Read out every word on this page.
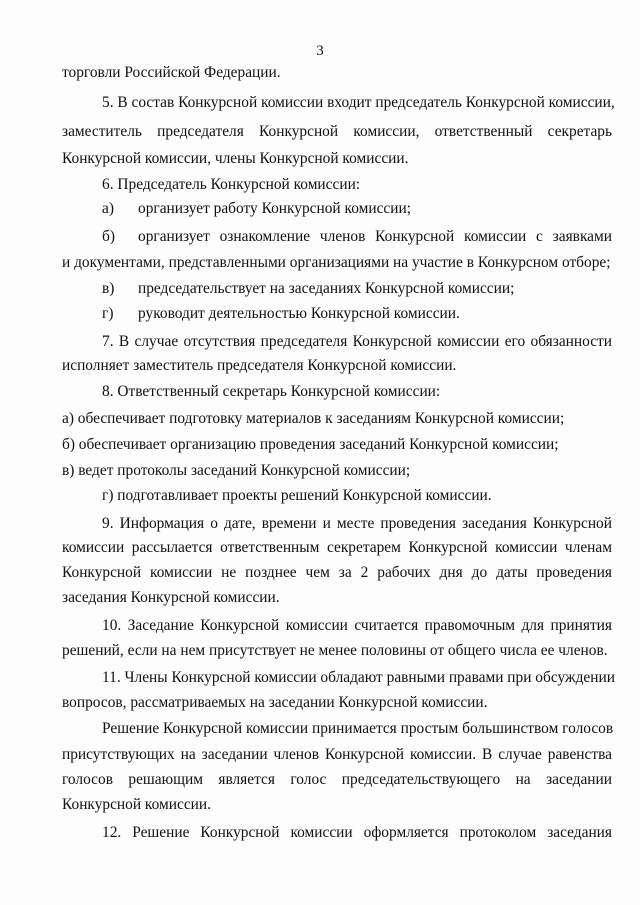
3
торговли Российской Федерации.
5. В состав Конкурсной комиссии входит председатель Конкурсной комиссии,
заместитель председателя Конкурсной комиссии, ответственный секретарь
Конкурсной комиссии, члены Конкурсной комиссии.
6. Председатель Конкурсной комиссии:
а) организует работу Конкурсной комиссии;
б) организует ознакомление членов Конкурсной комиссии с заявками
и документами, представленными организациями на участие в Конкурсном отборе;
в) председательствует на заседаниях Конкурсной комиссии;
г) руководит деятельностью Конкурсной комиссии.
7. В случае отсутствия председателя Конкурсной комиссии его обязанности
исполняет заместитель председателя Конкурсной комиссии.
8. Ответственный секретарь Конкурсной комиссии:
а) обеспечивает подготовку материалов к заседаниям Конкурсной комиссии;
б) обеспечивает организацию проведения заседаний Конкурсной комиссии;
в) ведет протоколы заседаний Конкурсной комиссии;
г) подготавливает проекты решений Конкурсной комиссии.
9. Информация о дате, времени и месте проведения заседания Конкурсной
комиссии рассылается ответственным секретарем Конкурсной комиссии членам
Конкурсной комиссии не позднее чем за 2 рабочих дня до даты проведения
заседания Конкурсной комиссии.
10. Заседание Конкурсной комиссии считается правомочным для принятия
решений, если на нем присутствует не менее половины от общего числа ее членов.
11. Члены Конкурсной комиссии обладают равными правами при обсуждении
вопросов, рассматриваемых на заседании Конкурсной комиссии.
Решение Конкурсной комиссии принимается простым большинством голосов
присутствующих на заседании членов Конкурсной комиссии. В случае равенства
голосов решающим является голос председательствующего на заседании
Конкурсной комиссии.
12. Решение Конкурсной комиссии оформляется протоколом заседания
